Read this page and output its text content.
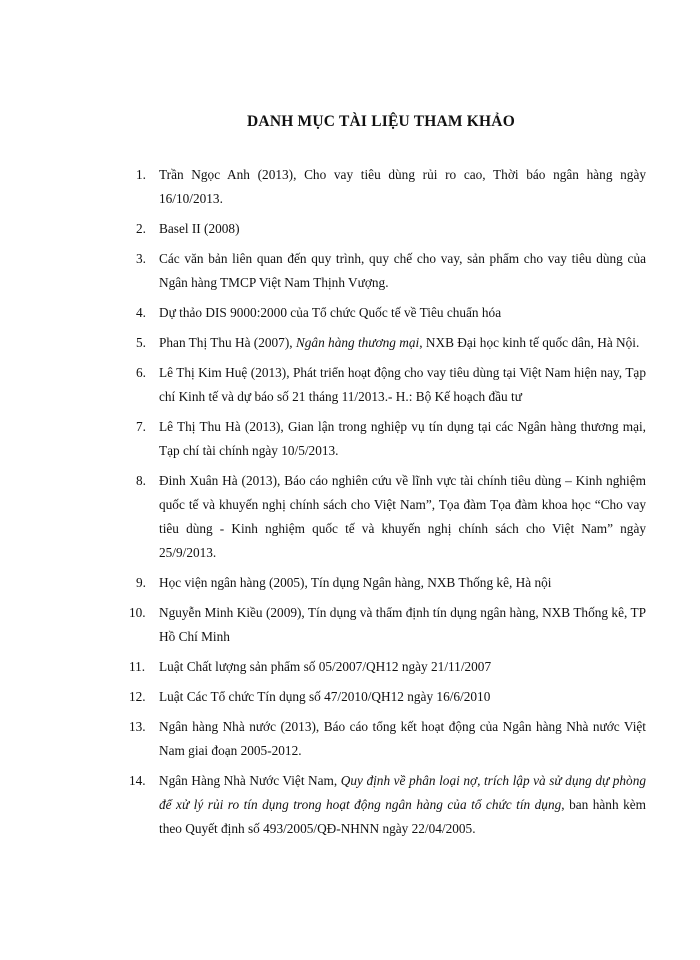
DANH MỤC TÀI LIỆU THAM KHẢO
1. Trần Ngọc Anh (2013), Cho vay tiêu dùng rủi ro cao, Thời báo ngân hàng ngày 16/10/2013.
2. Basel II (2008)
3. Các văn bản liên quan đến quy trình, quy chế cho vay, sản phẩm cho vay tiêu dùng của Ngân hàng TMCP Việt Nam Thịnh Vượng.
4. Dự thảo DIS 9000:2000 của Tổ chức Quốc tế về Tiêu chuẩn hóa
5. Phan Thị Thu Hà (2007), Ngân hàng thương mại, NXB Đại học kinh tế quốc dân, Hà Nội.
6. Lê Thị Kim Huệ (2013), Phát triển hoạt động cho vay tiêu dùng tại Việt Nam hiện nay, Tạp chí Kinh tế và dự báo số 21 tháng 11/2013.- H.: Bộ Kế hoạch đầu tư
7. Lê Thị Thu Hà (2013), Gian lận trong nghiệp vụ tín dụng tại các Ngân hàng thương mại, Tạp chí tài chính ngày 10/5/2013.
8. Đinh Xuân Hà (2013), Báo cáo nghiên cứu về lĩnh vực tài chính tiêu dùng – Kinh nghiệm quốc tế và khuyến nghị chính sách cho Việt Nam”, Tọa đàm Tọa đàm khoa học “Cho vay tiêu dùng - Kinh nghiệm quốc tế và khuyến nghị chính sách cho Việt Nam” ngày 25/9/2013.
9. Học viện ngân hàng (2005), Tín dụng Ngân hàng, NXB Thống kê, Hà nội
10. Nguyễn Minh Kiều (2009), Tín dụng và thẩm định tín dụng ngân hàng, NXB Thống kê, TP Hồ Chí Minh
11. Luật Chất lượng sản phẩm số 05/2007/QH12 ngày 21/11/2007
12. Luật Các Tổ chức Tín dụng số 47/2010/QH12 ngày 16/6/2010
13. Ngân hàng Nhà nước (2013), Báo cáo tổng kết hoạt động của Ngân hàng Nhà nước Việt Nam giai đoạn 2005-2012.
14. Ngân Hàng Nhà Nước Việt Nam, Quy định về phân loại nợ, trích lập và sử dụng dự phòng để xử lý rủi ro tín dụng trong hoạt động ngân hàng của tổ chức tín dụng, ban hành kèm theo Quyết định số 493/2005/QĐ-NHNN ngày 22/04/2005.
